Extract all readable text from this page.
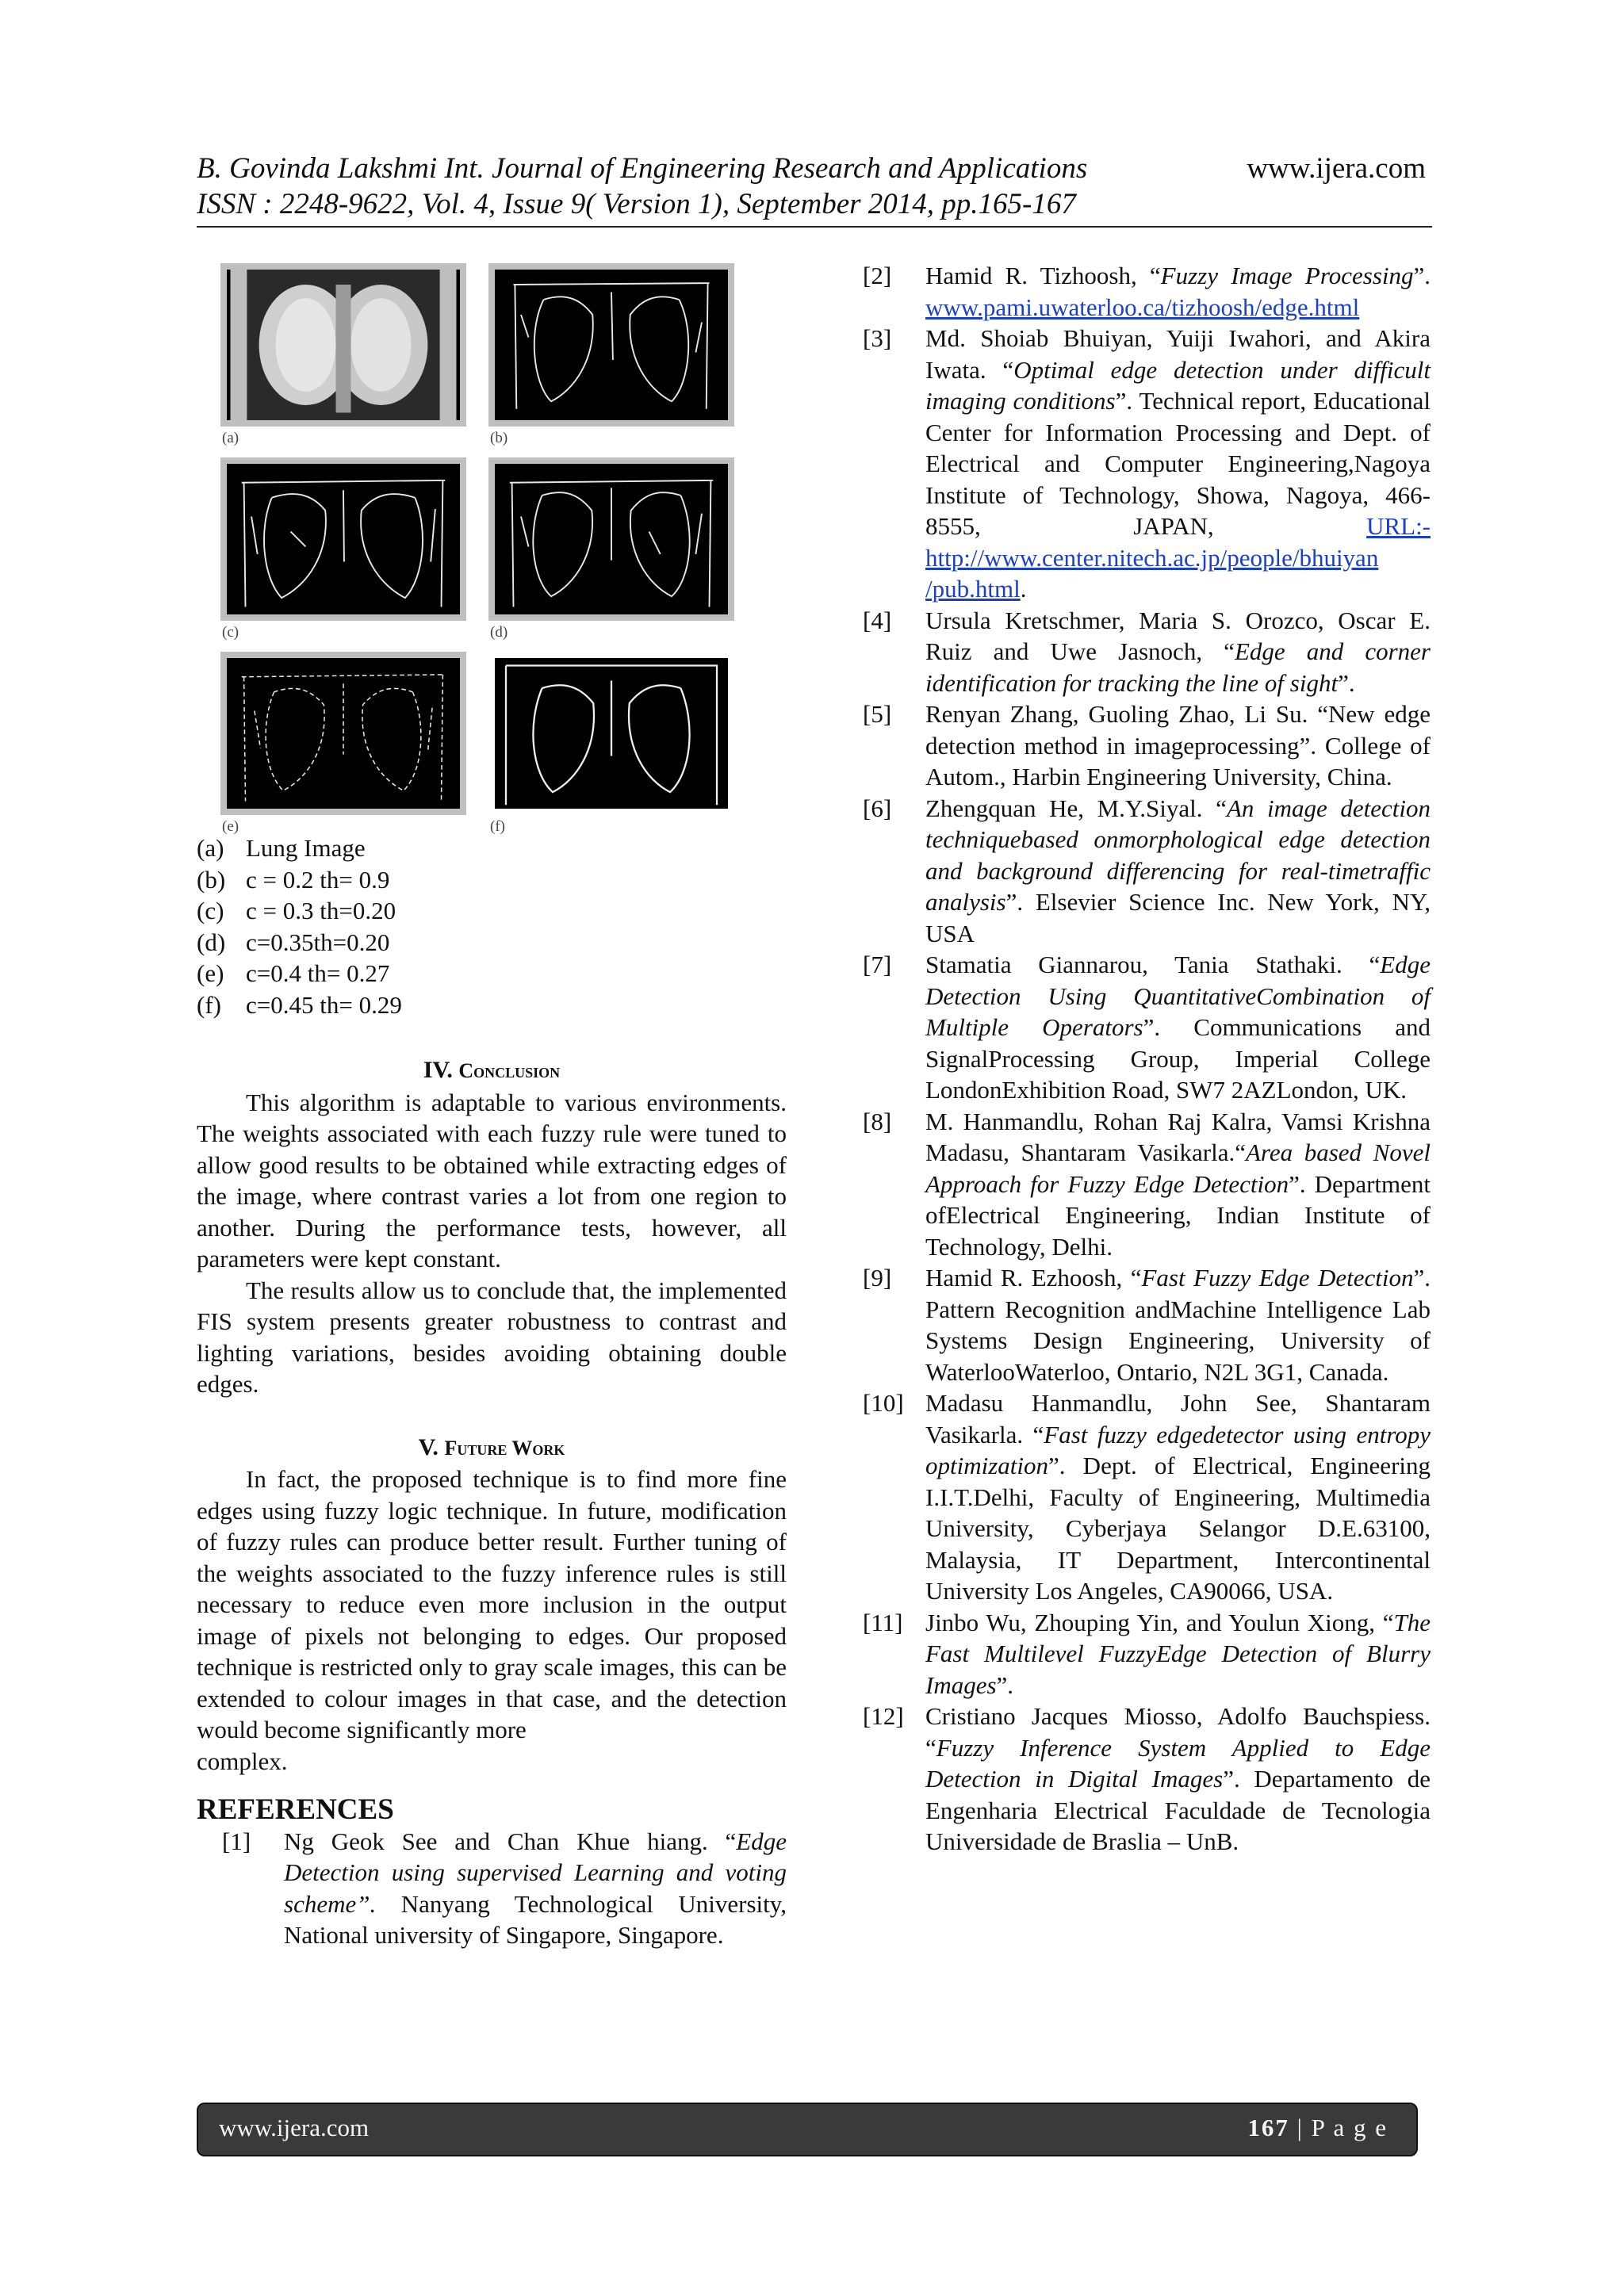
B. Govinda Lakshmi Int. Journal of Engineering Research and Applications	www.ijera.com
ISSN : 2248-9622, Vol. 4, Issue 9( Version 1), September 2014, pp.165-167
(a)	(b)
(c)	(d)
(e)	(f)
(a) Lung Image
(b) c = 0.2 th= 0.9
(c) c = 0.3 th=0.20
(d) c=0.35th=0.20
(e) c=0.4 th= 0.27
(f) c=0.45 th= 0.29
IV. Conclusion
This algorithm is adaptable to various environments. The weights associated with each fuzzy rule were tuned to allow good results to be obtained while extracting edges of the image, where contrast varies a lot from one region to another. During the performance tests, however, all parameters were kept constant.
The results allow us to conclude that, the implemented FIS system presents greater robustness to contrast and lighting variations, besides avoiding obtaining double edges.
V. Future Work
In fact, the proposed technique is to find more fine edges using fuzzy logic technique. In future, modification of fuzzy rules can produce better result. Further tuning of the weights associated to the fuzzy inference rules is still necessary to reduce even more inclusion in the output image of pixels not belonging to edges. Our proposed technique is restricted only to gray scale images, this can be extended to colour images in that case, and the detection would become significantly more
complex.
REFERENCES
[1] Ng Geok See and Chan Khue hiang. “Edge Detection using supervised Learning and voting scheme”. Nanyang Technological University, National university of Singapore, Singapore.
[2] Hamid R. Tizhoosh, “Fuzzy Image Processing”. www.pami.uwaterloo.ca/tizhoosh/edge.html
[3] Md. Shoiab Bhuiyan, Yuiji Iwahori, and Akira Iwata. “Optimal edge detection under difficult imaging conditions”. Technical report, Educational Center for Information Processing and Dept. of Electrical and Computer Engineering,Nagoya Institute of Technology, Showa, Nagoya, 466-8555, JAPAN, URL:-http://www.center.nitech.ac.jp/people/bhuiyan /pub.html.
[4] Ursula Kretschmer, Maria S. Orozco, Oscar E. Ruiz and Uwe Jasnoch, “Edge and corner identification for tracking the line of sight”.
[5] Renyan Zhang, Guoling Zhao, Li Su. “New edge detection method in imageprocessing”. College of Autom., Harbin Engineering University, China.
[6] Zhengquan He, M.Y.Siyal. “An image detection techniquebased onmorphological edge detection and background differencing for real-timetraffic analysis”. Elsevier Science Inc. New York, NY, USA
[7] Stamatia Giannarou, Tania Stathaki. “Edge Detection Using QuantitativeCombination of Multiple Operators”. Communications and SignalProcessing Group, Imperial College LondonExhibition Road, SW7 2AZLondon, UK.
[8] M. Hanmandlu, Rohan Raj Kalra, Vamsi Krishna Madasu, Shantaram Vasikarla.“Area based Novel Approach for Fuzzy Edge Detection”. Department ofElectrical Engineering, Indian Institute of Technology, Delhi.
[9] Hamid R. Ezhoosh, “Fast Fuzzy Edge Detection”. Pattern Recognition andMachine Intelligence Lab Systems Design Engineering, University of WaterlooWaterloo, Ontario, N2L 3G1, Canada.
[10] Madasu Hanmandlu, John See, Shantaram Vasikarla. “Fast fuzzy edgedetector using entropy optimization”. Dept. of Electrical, Engineering I.I.T.Delhi, Faculty of Engineering, Multimedia University, Cyberjaya Selangor D.E.63100, Malaysia, IT Department, Intercontinental University Los Angeles, CA90066, USA.
[11] Jinbo Wu, Zhouping Yin, and Youlun Xiong, “The Fast Multilevel FuzzyEdge Detection of Blurry Images”.
[12] Cristiano Jacques Miosso, Adolfo Bauchspiess. “Fuzzy Inference System Applied to Edge Detection in Digital Images”. Departamento de Engenharia Electrical Faculdade de Tecnologia Universidade de Braslia – UnB.
www.ijera.com	167 | P a g e
